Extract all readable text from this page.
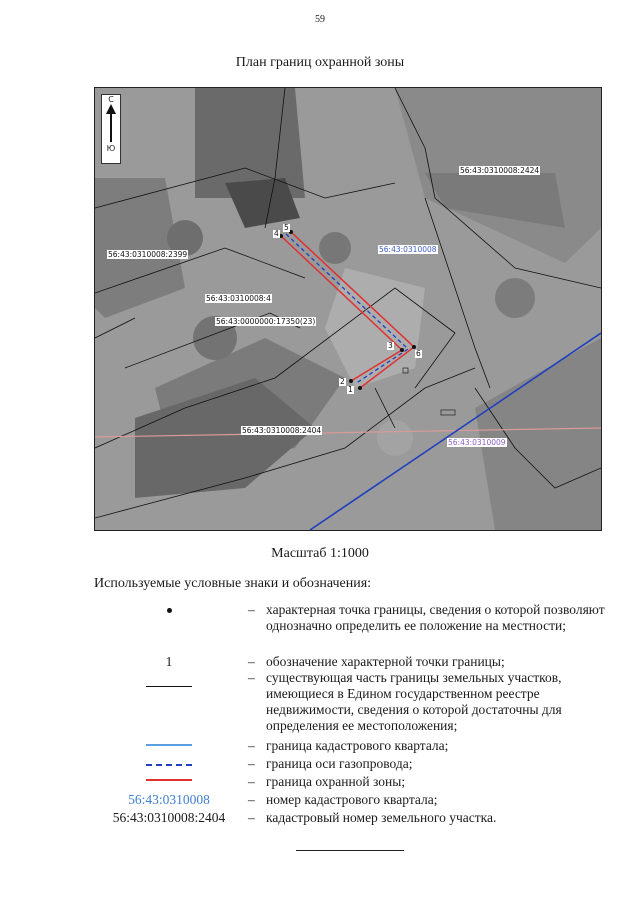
59
План границ охранной зоны
С
Ю
56:43:0310008:2424
56:43:0310008
56:43:0310008:2399
56:43:0310008:4
56:43:0000000:17350(23)
56:43:0310008:2404
56:43:0310009
1
2
3
4
5
6
Масштаб 1:1000
Используемые условные знаки и обозначения:
– характерная точка границы, сведения о которой позволяют однозначно определить ее положение на местности;
1	– обозначение характерной точки границы;
– существующая часть границы земельных участков, имеющиеся в Едином государственном реестре недвижимости, сведения о которой достаточны для определения ее местоположения;
– граница кадастрового квартала;
– граница оси газопровода;
– граница охранной зоны;
56:43:0310008	– номер кадастрового квартала;
56:43:0310008:2404	– кадастровый номер земельного участка.
